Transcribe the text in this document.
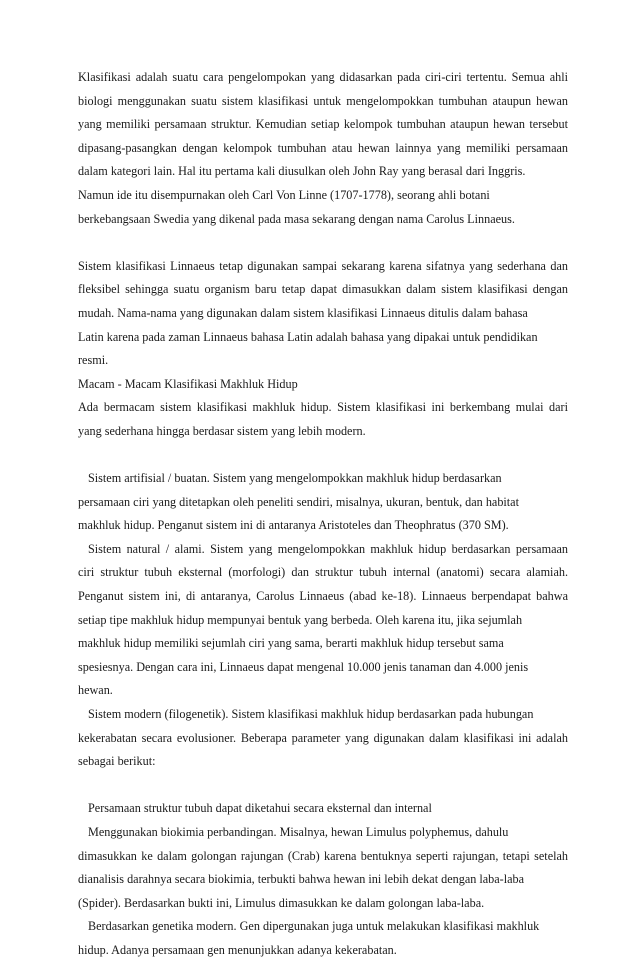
Klasifikasi adalah suatu cara pengelompokan yang didasarkan pada ciri-ciri tertentu. Semua ahli
biologi menggunakan suatu sistem klasifikasi untuk mengelompokkan tumbuhan ataupun hewan
yang memiliki persamaan struktur. Kemudian setiap kelompok tumbuhan ataupun hewan tersebut
dipasang-pasangkan dengan kelompok tumbuhan atau hewan lainnya yang memiliki persamaan
dalam kategori lain. Hal itu pertama kali diusulkan oleh John Ray yang berasal dari Inggris.
Namun ide itu disempurnakan oleh Carl Von Linne (1707-1778), seorang ahli botani
berkebangsaan Swedia yang dikenal pada masa sekarang dengan nama Carolus Linnaeus.
Sistem klasifikasi Linnaeus tetap digunakan sampai sekarang karena sifatnya yang sederhana dan
fleksibel sehingga suatu organism baru tetap dapat dimasukkan dalam sistem klasifikasi dengan
mudah. Nama-nama yang digunakan dalam sistem klasifikasi Linnaeus ditulis dalam bahasa
Latin karena pada zaman Linnaeus bahasa Latin adalah bahasa yang dipakai untuk pendidikan
resmi.
Macam - Macam Klasifikasi Makhluk Hidup
Ada bermacam sistem klasifikasi makhluk hidup. Sistem klasifikasi ini berkembang mulai dari
yang sederhana hingga berdasar sistem yang lebih modern.
Sistem artifisial / buatan. Sistem yang mengelompokkan makhluk hidup berdasarkan
persamaan ciri yang ditetapkan oleh peneliti sendiri, misalnya, ukuran, bentuk, dan habitat
makhluk hidup. Penganut sistem ini di antaranya Aristoteles dan Theophratus (370 SM).
Sistem natural / alami. Sistem yang mengelompokkan makhluk hidup berdasarkan persamaan
ciri struktur tubuh eksternal (morfologi) dan struktur tubuh internal (anatomi) secara alamiah.
Penganut sistem ini, di antaranya, Carolus Linnaeus (abad ke-18). Linnaeus berpendapat bahwa
setiap tipe makhluk hidup mempunyai bentuk yang berbeda. Oleh karena itu, jika sejumlah
makhluk hidup memiliki sejumlah ciri yang sama, berarti makhluk hidup tersebut sama
spesiesnya. Dengan cara ini, Linnaeus dapat mengenal 10.000 jenis tanaman dan 4.000 jenis
hewan.
Sistem modern (filogenetik). Sistem klasifikasi makhluk hidup berdasarkan pada hubungan
kekerabatan secara evolusioner. Beberapa parameter yang digunakan dalam klasifikasi ini adalah
sebagai berikut:
Persamaan struktur tubuh dapat diketahui secara eksternal dan internal
Menggunakan biokimia perbandingan. Misalnya, hewan Limulus polyphemus, dahulu
dimasukkan ke dalam golongan rajungan (Crab) karena bentuknya seperti rajungan, tetapi setelah
dianalisis darahnya secara biokimia, terbukti bahwa hewan ini lebih dekat dengan laba-laba
(Spider). Berdasarkan bukti ini, Limulus dimasukkan ke dalam golongan laba-laba.
Berdasarkan genetika modern. Gen dipergunakan juga untuk melakukan klasifikasi makhluk
hidup. Adanya persamaan gen menunjukkan adanya kekerabatan.
